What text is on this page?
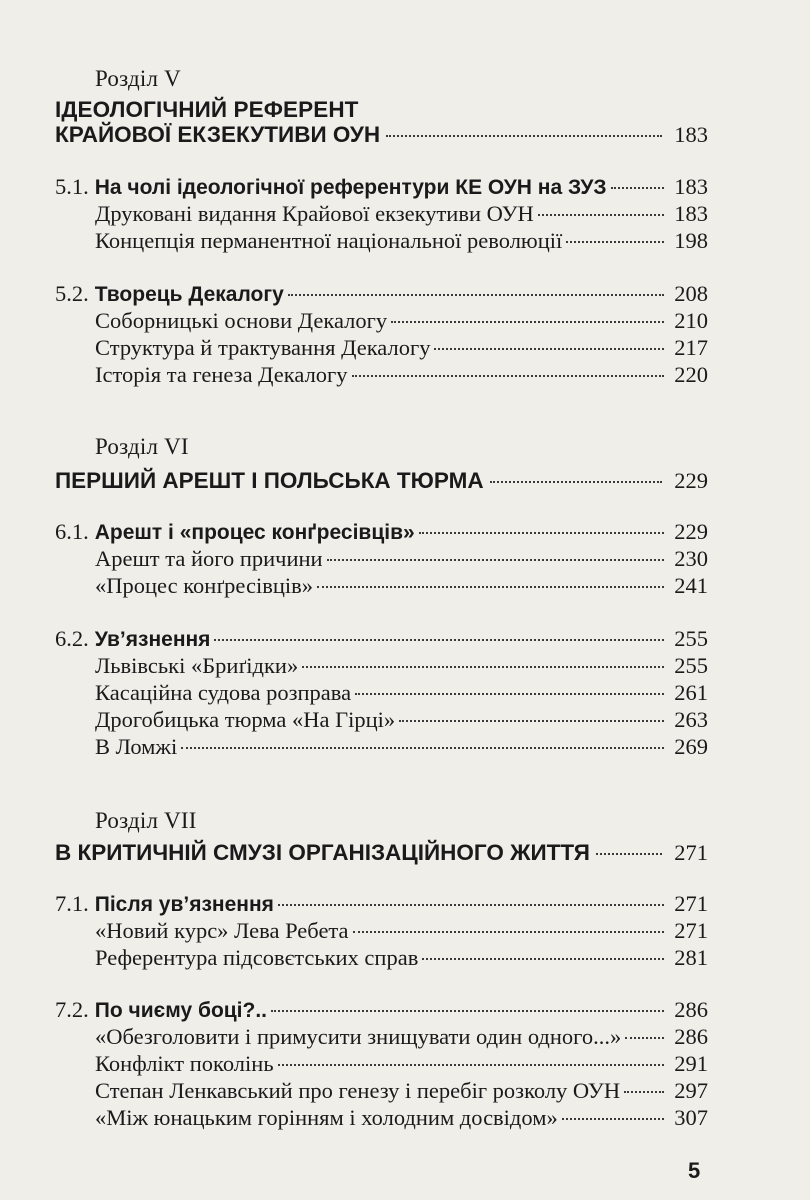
Розділ V
ІДЕОЛОГІЧНИЙ РЕФЕРЕНТ
КРАЙОВОЇ ЕКЗЕКУТИВИ ОУН	183
5.1. На чолі ідеологічної референтури КЕ ОУН на ЗУЗ	183
Друковані видання Крайової екзекутиви ОУН	183
Концепція перманентної національної революції	198
5.2. Творець Декалогу	208
Соборницькі основи Декалогу	210
Структура й трактування Декалогу	217
Історія та генеза Декалогу	220
Розділ VI
ПЕРШИЙ АРЕШТ І ПОЛЬСЬКА ТЮРМА	229
6.1. Арешт і «процес конґресівців»	229
Арешт та його причини	230
«Процес конґресівців»	241
6.2. Ув’язнення	255
Львівські «Бриґідки»	255
Касаційна судова розправа	261
Дрогобицька тюрма «На Гірці»	263
В Ломжі	269
Розділ VII
В КРИТИЧНІЙ СМУЗІ ОРГАНІЗАЦІЙНОГО ЖИТТЯ	271
7.1. Після ув’язнення	271
«Новий курс» Лева Ребета	271
Референтура підсовєтських справ	281
7.2. По чиєму боці?..	286
«Обезголовити і примусити знищувати один одного...» 286
Конфлікт поколінь	291
Степан Ленкавський про генезу і перебіг розколу ОУН 297
«Між юнацьким горінням і холодним досвідом»	307
5
